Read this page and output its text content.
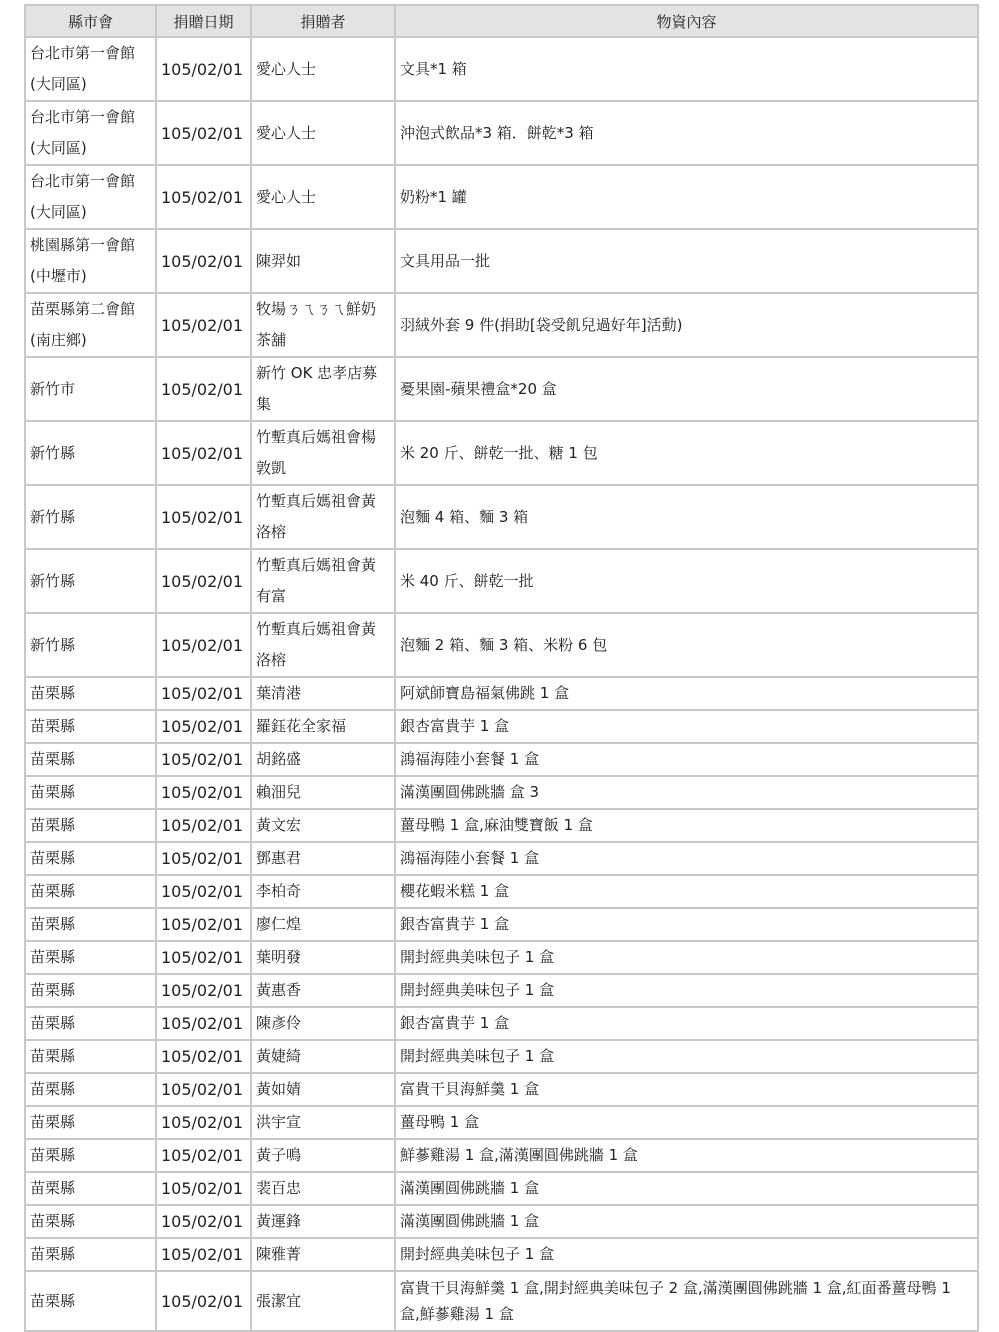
縣市會	捐贈日期	捐贈者	物資內容
台北市第一會館(大同區)	105/02/01	愛心人士	文具*1 箱
台北市第一會館(大同區)	105/02/01	愛心人士	沖泡式飲品*3 箱．餅乾*3 箱
台北市第一會館(大同區)	105/02/01	愛心人士	奶粉*1 罐
桃園縣第一會館(中壢市)	105/02/01	陳羿如	文具用品一批
苗栗縣第二會館(南庄鄉)	105/02/01	牧場ㄋㄟㄋㄟ鮮奶茶舖	羽絨外套 9 件(捐助[袋受飢兒過好年]活動)
新竹市	105/02/01	新竹 OK 忠孝店募集	憂果園-蘋果禮盒*20 盒
新竹縣	105/02/01	竹塹真后媽祖會楊敦凱	米 20 斤、餅乾一批、糖 1 包
新竹縣	105/02/01	竹塹真后媽祖會黃洛榕	泡麵 4 箱、麵 3 箱
新竹縣	105/02/01	竹塹真后媽祖會黃有富	米 40 斤、餅乾一批
新竹縣	105/02/01	竹塹真后媽祖會黃洛榕	泡麵 2 箱、麵 3 箱、米粉 6 包
苗栗縣	105/02/01	葉清港	阿斌師寶島福氣佛跳 1 盒
苗栗縣	105/02/01	羅鈺花全家福	銀杏富貴芋 1 盒
苗栗縣	105/02/01	胡銘盛	鴻福海陸小套餐 1 盒
苗栗縣	105/02/01	賴沺兒	滿漢團圓佛跳牆 盒 3
苗栗縣	105/02/01	黃文宏	薑母鴨 1 盒,麻油雙寶飯 1 盒
苗栗縣	105/02/01	鄧惠君	鴻福海陸小套餐 1 盒
苗栗縣	105/02/01	李柏奇	櫻花蝦米糕 1 盒
苗栗縣	105/02/01	廖仁煌	銀杏富貴芋 1 盒
苗栗縣	105/02/01	葉明發	開封經典美味包子 1 盒
苗栗縣	105/02/01	黃惠香	開封經典美味包子 1 盒
苗栗縣	105/02/01	陳彥伶	銀杏富貴芋 1 盒
苗栗縣	105/02/01	黃婕綺	開封經典美味包子 1 盒
苗栗縣	105/02/01	黃如婧	富貴干貝海鮮羹 1 盒
苗栗縣	105/02/01	洪宇宣	薑母鴨 1 盒
苗栗縣	105/02/01	黃子鳴	鮮蔘雞湯 1 盒,滿漢團圓佛跳牆 1 盒
苗栗縣	105/02/01	裴百忠	滿漢團圓佛跳牆 1 盒
苗栗縣	105/02/01	黃運鋒	滿漢團圓佛跳牆 1 盒
苗栗縣	105/02/01	陳雅菁	開封經典美味包子 1 盒
苗栗縣	105/02/01	張潔宜	富貴干貝海鮮羹 1 盒,開封經典美味包子 2 盒,滿漢團圓佛跳牆 1 盒,紅面番薑母鴨 1 盒,鮮蔘雞湯 1 盒
